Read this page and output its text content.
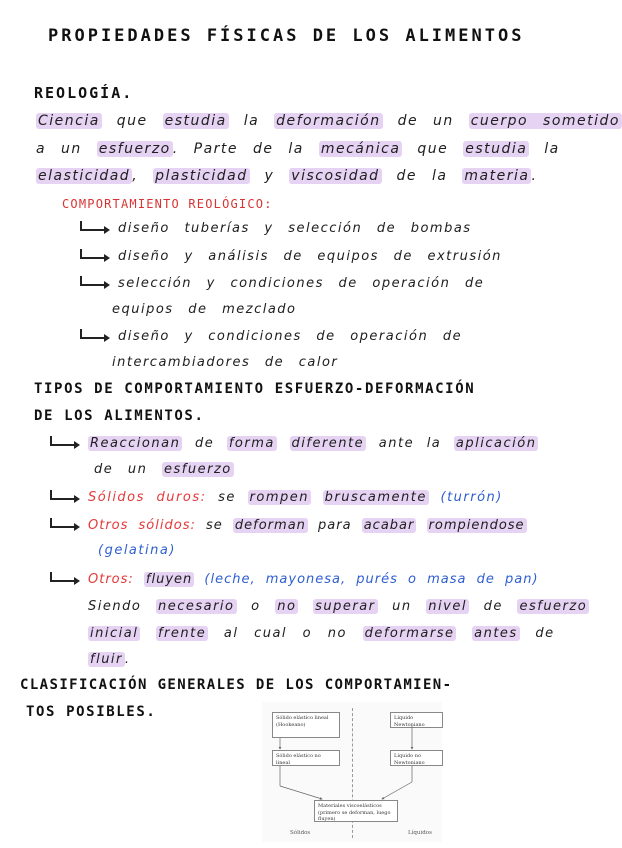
PROPIEDADES FÍSICAS DE LOS ALIMENTOS
REOLOGÍA.
Ciencia que estudia la deformación de un cuerpo sometido
a un esfuerzo . Parte de la mecánica que estudia la
elasticidad , plasticidad y viscosidad de la materia .
COMPORTAMIENTO REOLÓGICO:
diseño tuberías y selección de bombas
diseño y análisis de equipos de extrusión
selección y condiciones de operación de
equipos de mezclado
diseño y condiciones de operación de
intercambiadores de calor
TIPOS DE COMPORTAMIENTO ESFUERZO-DEFORMACIÓN
DE LOS ALIMENTOS.
Reaccionan de forma diferente ante la aplicación
de un esfuerzo
Sólidos duros: se rompen bruscamente (turrón)
Otros sólidos: se deforman para acabar rompiendose
(gelatina)
Otros: fluyen (leche, mayonesa, purés o masa de pan)
Siendo necesario o no superar un nivel de esfuerzo
inicial frente al cual o no deformarse antes de
fluir .
CLASIFICACIÓN GENERALES DE LOS COMPORTAMIEN-
TOS POSIBLES.	Sólido elástico lineal (Hookeano)
Sólido elástico no lineal
Líquido Newtoniano
Líquido no Newtoniano
Materiales viscoelásticos
(primero se deforman, luego fluyen)
Sólidos	Líquidos
